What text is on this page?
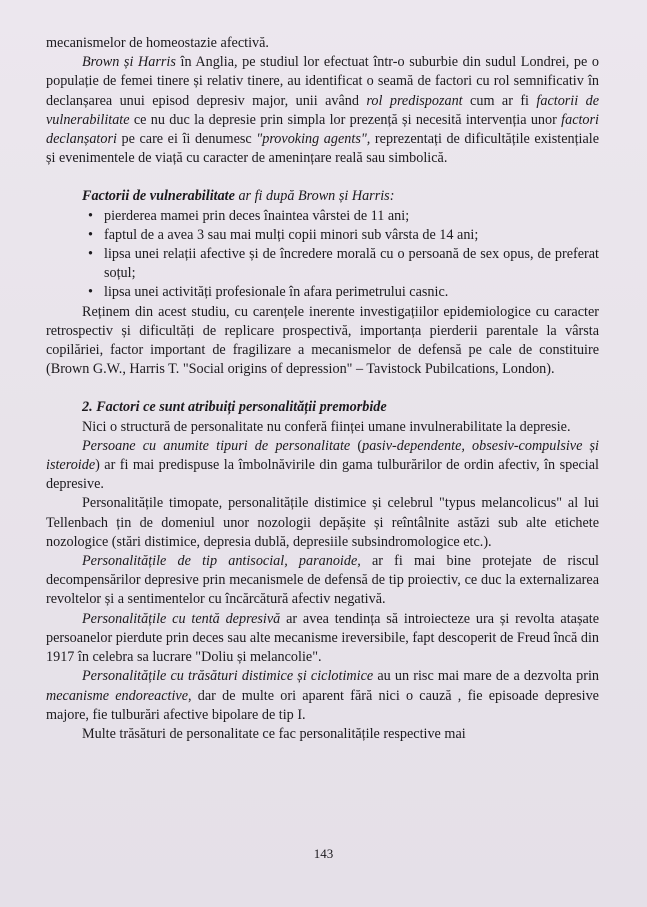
mecanismelor de homeostazie afectivă.

Brown și Harris în Anglia, pe studiul lor efectuat într-o suburbie din sudul Londrei, pe o populație de femei tinere și relativ tinere, au identificat o seamă de factori cu rol semnificativ în declanșarea unui episod depresiv major, unii având rol predispozant cum ar fi factorii de vulnerabilitate ce nu duc la depresie prin simpla lor prezență și necesită intervenția unor factori declanșatori pe care ei îi denumesc "provoking agents", reprezentați de dificultățile existențiale și evenimentele de viață cu caracter de amenințare reală sau simbolică.

Factorii de vulnerabilitate ar fi după Brown și Harris:

• pierderea mamei prin deces înaintea vârstei de 11 ani;
• faptul de a avea 3 sau mai mulți copii minori sub vârsta de 14 ani;
• lipsa unei relații afective și de încredere morală cu o persoană de sex opus, de preferat soțul;
• lipsa unei activități profesionale în afara perimetrului casnic.

Reținem din acest studiu, cu carențele inerente investigațiilor epidemiologice cu caracter retrospectiv și dificultăți de replicare prospectivă, importanța pierderii parentale la vârsta copilăriei, factor important de fragilizare a mecanismelor de defensă pe cale de constituire (Brown G.W., Harris T. "Social origins of depression" – Tavistock Pubilcations, London).

2. Factori ce sunt atribuiți personalității premorbide

Nici o structură de personalitate nu conferă ființei umane invulnerabilitate la depresie.

Persoane cu anumite tipuri de personalitate (pasiv-dependente, obsesiv-compulsive și isteroide) ar fi mai predispuse la îmbolnăvirile din gama tulburărilor de ordin afectiv, în special depresive.

Personalitățile timopate, personalitățile distimice și celebrul "typus melancolicus" al lui Tellenbach țin de domeniul unor nozologii depășite și reîntâlnite astăzi sub alte etichete nozologice (stări distimice, depresia dublă, depresiile subsindromologice etc.).

Personalitățile de tip antisocial, paranoide, ar fi mai bine protejate de riscul decompensărilor depresive prin mecanismele de defensă de tip proiectiv, ce duc la externalizarea revoltelor și a sentimentelor cu încărcătură afectiv negativă.

Personalitățile cu tentă depresivă ar avea tendința să introiecteze ura și revolta atașate persoanelor pierdute prin deces sau alte mecanisme ireversibile, fapt descoperit de Freud încă din 1917 în celebra sa lucrare "Doliu și melancolie".

Personalitățile cu trăsături distimice și ciclotimice au un risc mai mare de a dezvolta prin mecanisme endoreactive, dar de multe ori aparent fără nici o cauză , fie episoade depresive majore, fie tulburări afective bipolare de tip I.

Multe trăsături de personalitate ce fac personalitățile respective mai

143
